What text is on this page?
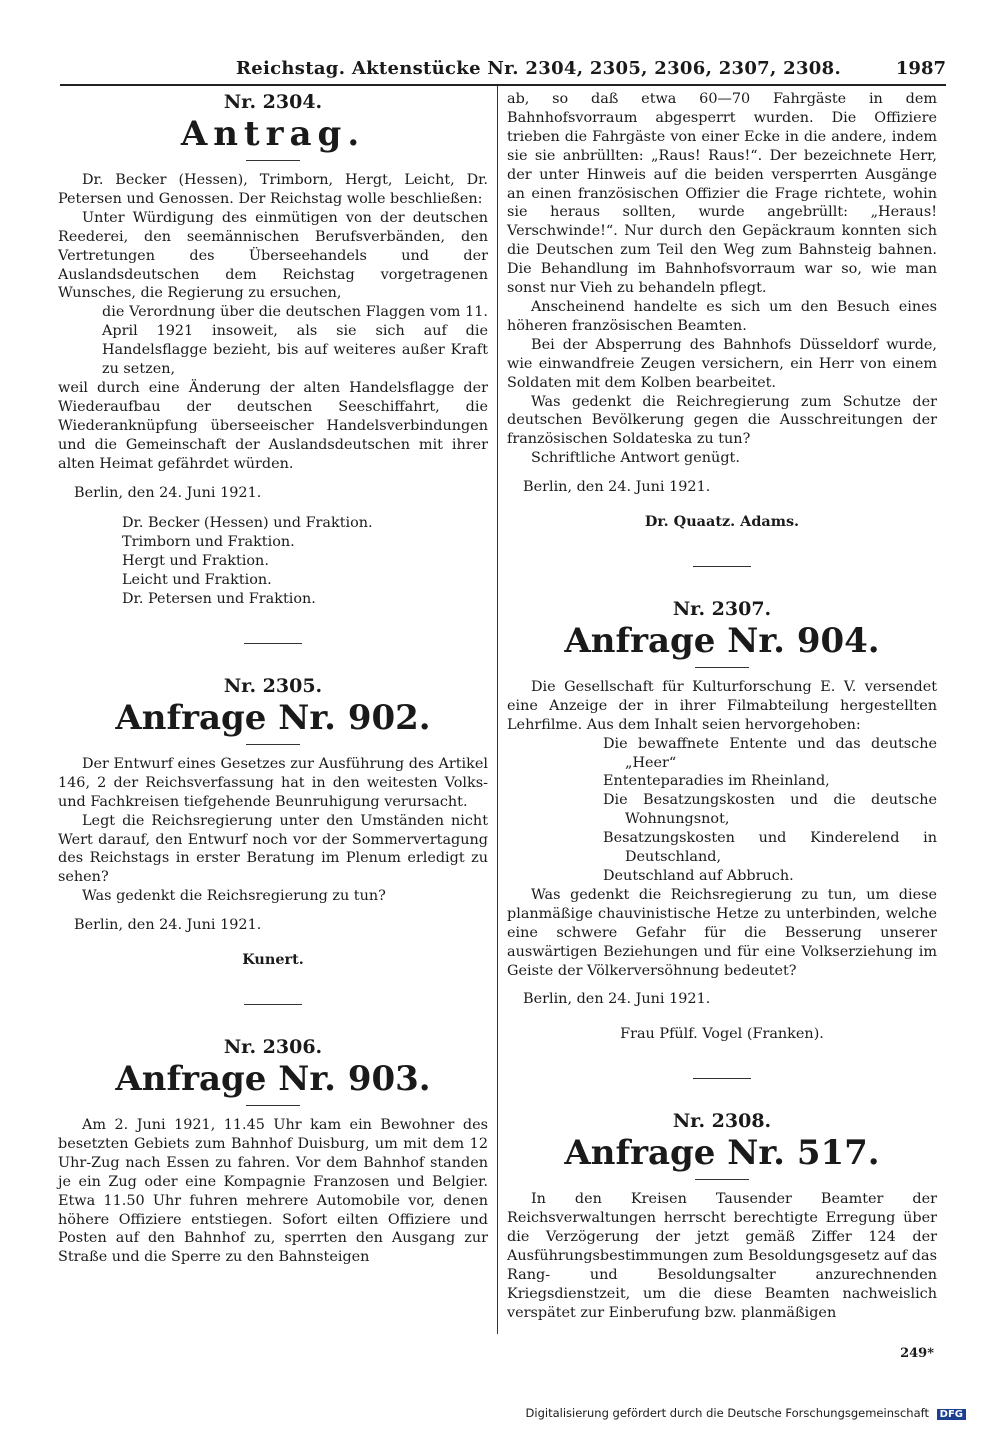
Reichstag. Aktenstücke Nr. 2304, 2305, 2306, 2307, 2308.	1987

Nr. 2304.

Antrag.

Dr. Becker (Hessen), Trimborn, Hergt, Leicht, Dr. Petersen und Genossen. Der Reichstag wolle beschließen:

Unter Würdigung des einmütigen von der deutschen Reederei, den seemännischen Berufsverbänden, den Vertretungen des Überseehandels und der Auslandsdeutschen dem Reichstag vorgetragenen Wunsches, die Regierung zu ersuchen,

die Verordnung über die deutschen Flaggen vom 11. April 1921 insoweit, als sie sich auf die Handelsflagge bezieht, bis auf weiteres außer Kraft zu setzen,

weil durch eine Änderung der alten Handelsflagge der Wiederaufbau der deutschen Seeschiffahrt, die Wiederanknüpfung überseeischer Handelsverbindungen und die Gemeinschaft der Auslandsdeutschen mit ihrer alten Heimat gefährdet würden.

Berlin, den 24. Juni 1921.

Dr. Becker (Hessen) und Fraktion.

Trimborn und Fraktion.

Hergt und Fraktion.

Leicht und Fraktion.

Dr. Petersen und Fraktion.

Nr. 2305.

Anfrage Nr. 902.

Der Entwurf eines Gesetzes zur Ausführung des Artikel 146, 2 der Reichsverfassung hat in den weitesten Volks- und Fachkreisen tiefgehende Beunruhigung verursacht.

Legt die Reichsregierung unter den Umständen nicht Wert darauf, den Entwurf noch vor der Sommervertagung des Reichstags in erster Beratung im Plenum erledigt zu sehen?

Was gedenkt die Reichsregierung zu tun?

Berlin, den 24. Juni 1921.

Kunert.

Nr. 2306.

Anfrage Nr. 903.

Am 2. Juni 1921, 11.45 Uhr kam ein Bewohner des besetzten Gebiets zum Bahnhof Duisburg, um mit dem 12 Uhr-Zug nach Essen zu fahren. Vor dem Bahnhof standen je ein Zug oder eine Kompagnie Franzosen und Belgier. Etwa 11.50 Uhr fuhren mehrere Automobile vor, denen höhere Offiziere entstiegen. Sofort eilten Offiziere und Posten auf den Bahnhof zu, sperrten den Ausgang zur Straße und die Sperre zu den Bahnsteigen

ab, so daß etwa 60—70 Fahrgäste in dem Bahnhofsvorraum abgesperrt wurden. Die Offiziere trieben die Fahrgäste von einer Ecke in die andere, indem sie sie anbrüllten: „Raus! Raus!“. Der bezeichnete Herr, der unter Hinweis auf die beiden versperrten Ausgänge an einen französischen Offizier die Frage richtete, wohin sie heraus sollten, wurde angebrüllt: „Heraus! Verschwinde!“. Nur durch den Gepäckraum konnten sich die Deutschen zum Teil den Weg zum Bahnsteig bahnen. Die Behandlung im Bahnhofsvorraum war so, wie man sonst nur Vieh zu behandeln pflegt.

Anscheinend handelte es sich um den Besuch eines höheren französischen Beamten.

Bei der Absperrung des Bahnhofs Düsseldorf wurde, wie einwandfreie Zeugen versichern, ein Herr von einem Soldaten mit dem Kolben bearbeitet.

Was gedenkt die Reichregierung zum Schutze der deutschen Bevölkerung gegen die Ausschreitungen der französischen Soldateska zu tun?

Schriftliche Antwort genügt.

Berlin, den 24. Juni 1921.

Dr. Quaatz. Adams.

Nr. 2307.

Anfrage Nr. 904.

Die Gesellschaft für Kulturforschung E. V. versendet eine Anzeige der in ihrer Filmabteilung hergestellten Lehrfilme. Aus dem Inhalt seien hervorgehoben:

Die bewaffnete Entente und das deutsche „Heer“

Ententeparadies im Rheinland,

Die Besatzungskosten und die deutsche Wohnungsnot,

Besatzungskosten und Kinderelend in Deutschland,

Deutschland auf Abbruch.

Was gedenkt die Reichsregierung zu tun, um diese planmäßige chauvinistische Hetze zu unterbinden, welche eine schwere Gefahr für die Besserung unserer auswärtigen Beziehungen und für eine Volkserziehung im Geiste der Völkerversöhnung bedeutet?

Berlin, den 24. Juni 1921.

Frau Pfülf. Vogel (Franken).

Nr. 2308.

Anfrage Nr. 517.

In den Kreisen Tausender Beamter der Reichsverwaltungen herrscht berechtigte Erregung über die Verzögerung der jetzt gemäß Ziffer 124 der Ausführungsbestimmungen zum Besoldungsgesetz auf das Rang- und Besoldungsalter anzurechnenden Kriegsdienstzeit, um die diese Beamten nachweislich verspätet zur Einberufung bzw. planmäßigen

249*
Digitalisierung gefördert durch die Deutsche Forschungsgemeinschaft DFG
